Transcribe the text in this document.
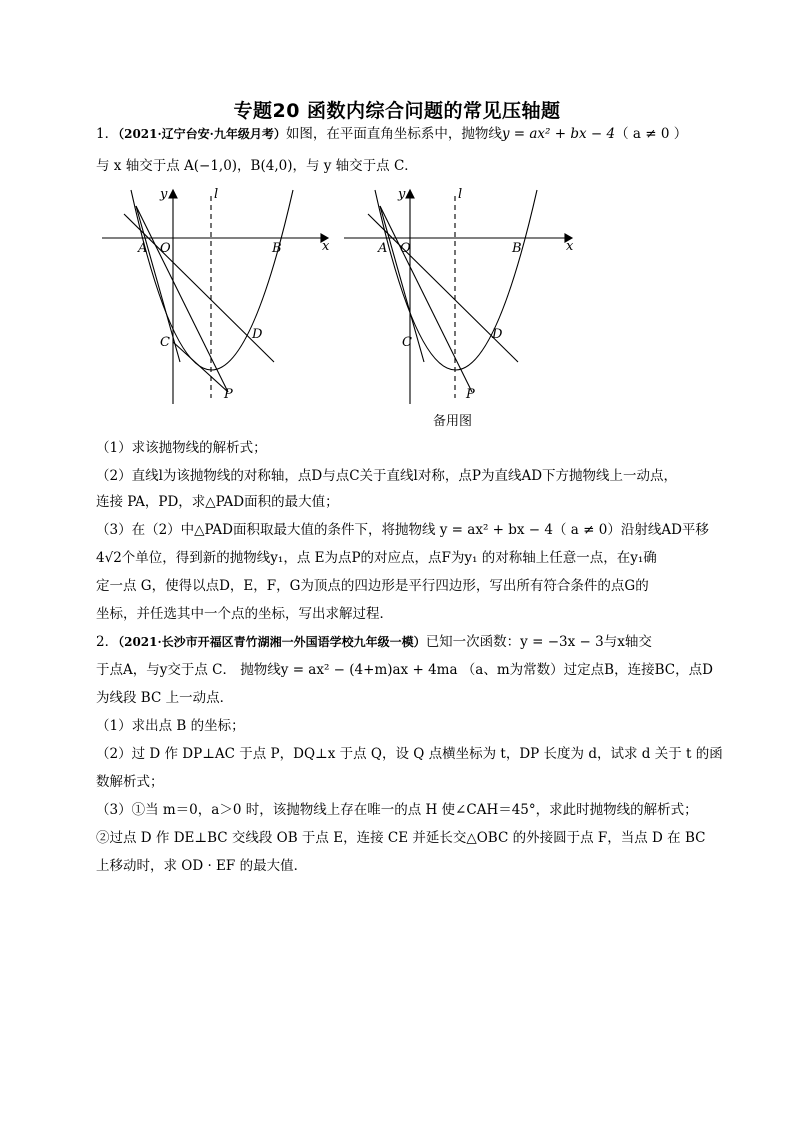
专题20 函数内综合问题的常见压轴题
1．（2021·辽宁台安·九年级月考）如图，在平面直角坐标系中，抛物线y = ax² + bx − 4（ a ≠ 0 ）
与 x 轴交于点 A(−1,0)，B(4,0)，与 y 轴交于点 C．
y	l
x
A O	B
C
D
P
y	l
x
A O	B
C
D
P
备用图
（1）求该抛物线的解析式；
（2）直线l为该抛物线的对称轴，点D与点C关于直线l对称，点P为直线AD下方抛物线上一动点，
连接 PA，PD，求△PAD面积的最大值；
（3）在（2）中△PAD面积取最大值的条件下，将抛物线 y = ax² + bx − 4（ a ≠ 0）沿射线AD平移
4√2个单位，得到新的抛物线y₁，点 E为点P的对应点，点F为y₁ 的对称轴上任意一点，在y₁确
定一点 G，使得以点D，E，F，G为顶点的四边形是平行四边形，写出所有符合条件的点G的
坐标，并任选其中一个点的坐标，写出求解过程．
2．（2021·长沙市开福区青竹湖湘一外国语学校九年级一模）已知一次函数：y = −3x − 3与x轴交
于点A，与y交于点 C． 抛物线y = ax² − (4+m)ax + 4ma （a、m为常数）过定点B，连接BC，点D
为线段 BC 上一动点．
（1）求出点 B 的坐标；
（2）过 D 作 DP⊥AC 于点 P，DQ⊥x 于点 Q，设 Q 点横坐标为 t，DP 长度为 d，试求 d 关于 t 的函
数解析式；
（3）①当 m＝0，a＞0 时，该抛物线上存在唯一的点 H 使∠CAH＝45°，求此时抛物线的解析式；
②过点 D 作 DE⊥BC 交线段 OB 于点 E，连接 CE 并延长交△OBC 的外接圆于点 F，当点 D 在 BC
上移动时，求 OD · EF 的最大值．
